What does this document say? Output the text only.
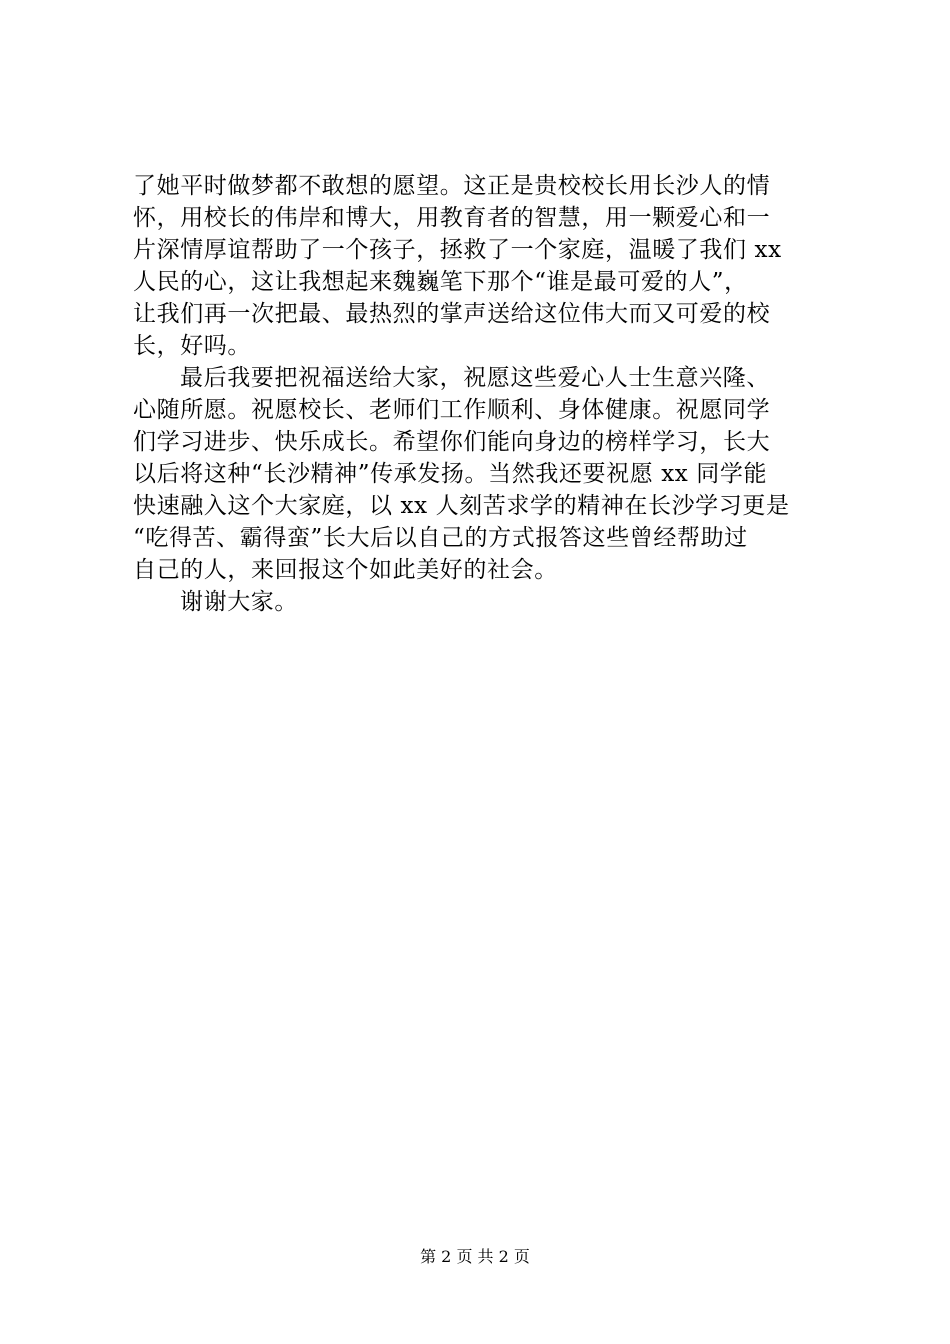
了她平时做梦都不敢想的愿望。这正是贵校校长用长沙人的情
怀，用校长的伟岸和博大，用教育者的智慧，用一颗爱心和一
片深情厚谊帮助了一个孩子，拯救了一个家庭，温暖了我们 xx
人民的心，这让我想起来魏巍笔下那个“谁是最可爱的人”，
让我们再一次把最、最热烈的掌声送给这位伟大而又可爱的校
长，好吗。
最后我要把祝福送给大家，祝愿这些爱心人士生意兴隆、
心随所愿。祝愿校长、老师们工作顺利、身体健康。祝愿同学
们学习进步、快乐成长。希望你们能向身边的榜样学习，长大
以后将这种“长沙精神”传承发扬。当然我还要祝愿 xx 同学能
快速融入这个大家庭，以 xx 人刻苦求学的精神在长沙学习更是
“吃得苦、霸得蛮”长大后以自己的方式报答这些曾经帮助过
自己的人，来回报这个如此美好的社会。
谢谢大家。
第 2 页 共 2 页
